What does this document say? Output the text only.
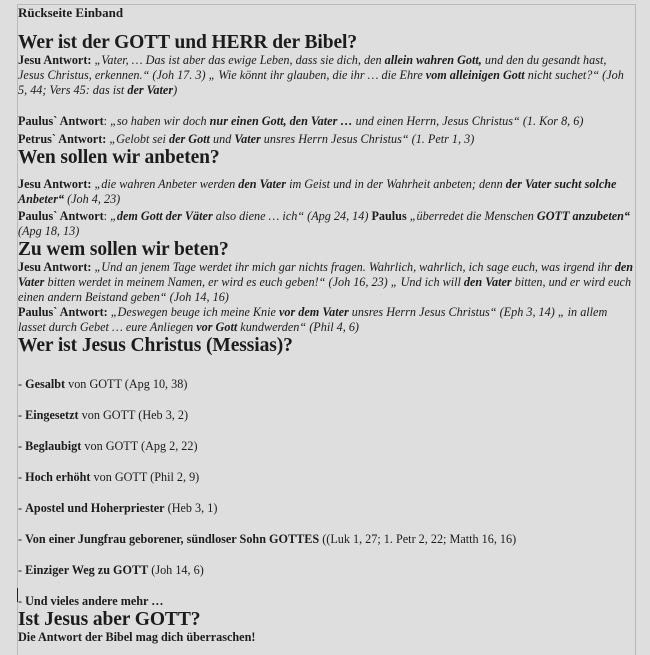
Rückseite Einband
Wer ist der GOTT und HERR der Bibel?

Jesu Antwort: „Vater, … Das ist aber das ewige Leben, dass sie dich, den allein wahren Gott, und den du gesandt hast, Jesus Christus, erkennen.“ (Joh 17. 3) „ Wie könnt ihr glauben, die ihr … die Ehre vom alleinigen Gott nicht suchet?“ (Joh 5, 44; Vers 45: das ist der Vater)

Paulus` Antwort: „so haben wir doch nur einen Gott, den Vater … und einen Herrn, Jesus Christus“ (1. Kor 8, 6)

Petrus` Antwort: „Gelobt sei der Gott und Vater unsres Herrn Jesus Christus“ (1. Petr 1, 3)

Wen sollen wir anbeten?

Jesu Antwort: „die wahren Anbeter werden den Vater im Geist und in der Wahrheit anbeten; denn der Vater sucht solche Anbeter“ (Joh 4, 23)

Paulus` Antwort: „dem Gott der Väter also diene … ich“ (Apg 24, 14) Paulus „überredet die Menschen GOTT anzubeten“ (Apg 18, 13)

Zu wem sollen wir beten?

Jesu Antwort: „Und an jenem Tage werdet ihr mich gar nichts fragen. Wahrlich, wahrlich, ich sage euch, was irgend ihr den Vater bitten werdet in meinem Namen, er wird es euch geben!“ (Joh 16, 23) „ Und ich will den Vater bitten, und er wird euch einen andern Beistand geben“ (Joh 14, 16)

Paulus` Antwort: „Deswegen beuge ich meine Knie vor dem Vater unsres Herrn Jesus Christus“ (Eph 3, 14) „ in allem lasset durch Gebet … eure Anliegen vor Gott kundwerden“ (Phil 4, 6)

Wer ist Jesus Christus (Messias)?

- Gesalbt von GOTT (Apg 10, 38)

- Eingesetzt von GOTT (Heb 3, 2)

- Beglaubigt von GOTT (Apg 2, 22)

- Hoch erhöht von GOTT (Phil 2, 9)

- Apostel und Hoherpriester (Heb 3, 1)

- Von einer Jungfrau geborener, sündloser Sohn GOTTES ((Luk 1, 27; 1. Petr 2, 22; Matth 16, 16)

- Einziger Weg zu GOTT (Joh 14, 6)

- Und vieles andere mehr …

Ist Jesus aber GOTT?

Die Antwort der Bibel mag dich überraschen!
